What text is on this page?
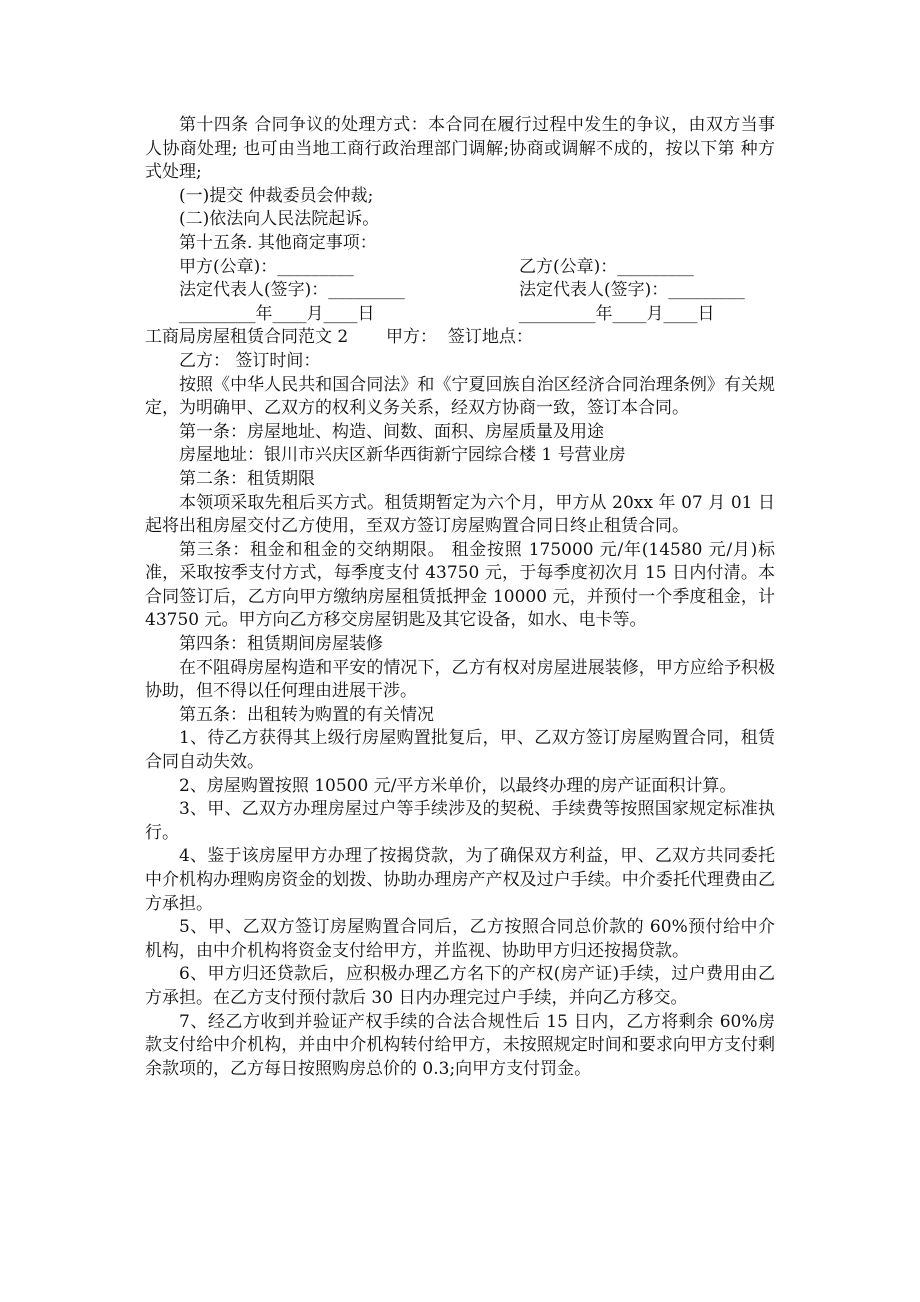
第十四条 合同争议的处理方式：本合同在履行过程中发生的争议，由双方当事人协商处理; 也可由当地工商行政治理部门调解;协商或调解不成的，按以下第 种方式处理;

(一)提交 仲裁委员会仲裁;

(二)依法向人民法院起诉。

第十五条. 其他商定事项：

甲方(公章)：_________	乙方(公章)：_________
法定代表人(签字)：_________	法定代表人(签字)：_________
_________年____月____日	_________年____月____日

工商局房屋租赁合同范文 2       甲方：  签订地点：

乙方： 签订时间：

按照《中华人民共和国合同法》和《宁夏回族自治区经济合同治理条例》有关规定，为明确甲、乙双方的权利义务关系，经双方协商一致，签订本合同。

第一条：房屋地址、构造、间数、面积、房屋质量及用途

房屋地址：银川市兴庆区新华西街新宁园综合楼 1 号营业房

第二条：租赁期限

本领项采取先租后买方式。租赁期暂定为六个月，甲方从 20xx 年 07 月 01 日起将出租房屋交付乙方使用，至双方签订房屋购置合同日终止租赁合同。

第三条：租金和租金的交纳期限。 租金按照 175000 元/年(14580 元/月)标准，采取按季支付方式，每季度支付 43750 元，于每季度初次月 15 日内付清。本合同签订后，乙方向甲方缴纳房屋租赁抵押金 10000 元，并预付一个季度租金，计 43750 元。甲方向乙方移交房屋钥匙及其它设备，如水、电卡等。

第四条：租赁期间房屋装修

在不阻碍房屋构造和平安的情况下，乙方有权对房屋进展装修，甲方应给予积极协助，但不得以任何理由进展干涉。

第五条：出租转为购置的有关情况

1、待乙方获得其上级行房屋购置批复后，甲、乙双方签订房屋购置合同，租赁合同自动失效。

2、房屋购置按照 10500 元/平方米单价，以最终办理的房产证面积计算。

3、甲、乙双方办理房屋过户等手续涉及的契税、手续费等按照国家规定标准执行。

4、鉴于该房屋甲方办理了按揭贷款，为了确保双方利益，甲、乙双方共同委托中介机构办理购房资金的划拨、协助办理房产产权及过户手续。中介委托代理费由乙方承担。

5、甲、乙双方签订房屋购置合同后，乙方按照合同总价款的 60%预付给中介机构，由中介机构将资金支付给甲方，并监视、协助甲方归还按揭贷款。

6、甲方归还贷款后，应积极办理乙方名下的产权(房产证)手续，过户费用由乙方承担。在乙方支付预付款后 30 日内办理完过户手续，并向乙方移交。

7、经乙方收到并验证产权手续的合法合规性后 15 日内，乙方将剩余 60%房款支付给中介机构，并由中介机构转付给甲方，未按照规定时间和要求向甲方支付剩余款项的，乙方每日按照购房总价的 0.3;向甲方支付罚金。
